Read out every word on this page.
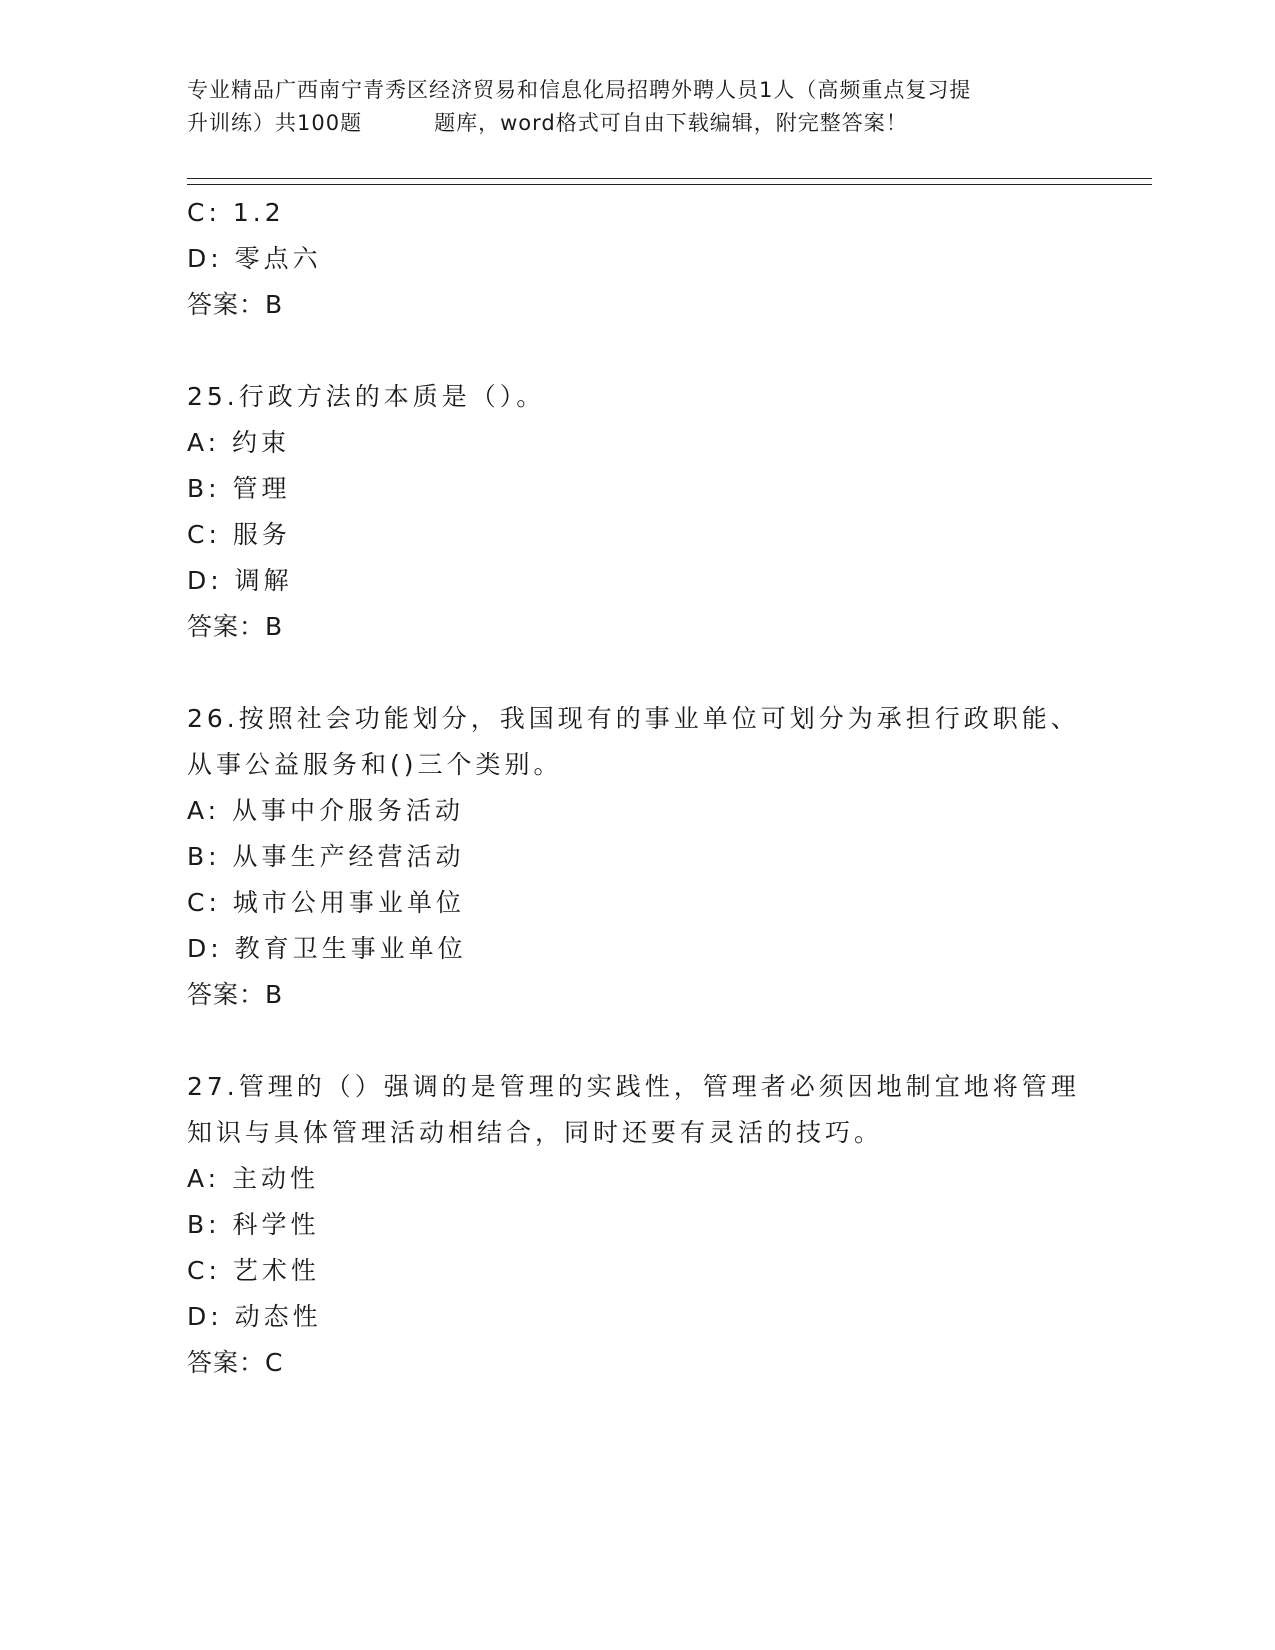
专业精品广西南宁青秀区经济贸易和信息化局招聘外聘人员1人（高频重点复习提
升训练）共100题	题库，word格式可自由下载编辑，附完整答案！
C: 1.2
D: 零点六
答案：B
25.行政方法的本质是（）。
A: 约束
B: 管理
C: 服务
D: 调解
答案：B
26.按照社会功能划分，我国现有的事业单位可划分为承担行政职能、
从事公益服务和()三个类别。
A: 从事中介服务活动
B: 从事生产经营活动
C: 城市公用事业单位
D: 教育卫生事业单位
答案：B
27.管理的（）强调的是管理的实践性，管理者必须因地制宜地将管理
知识与具体管理活动相结合，同时还要有灵活的技巧。
A: 主动性
B: 科学性
C: 艺术性
D: 动态性
答案：C
